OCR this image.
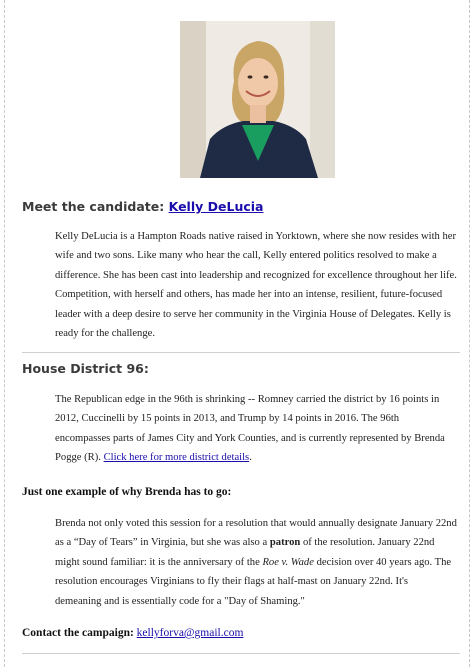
Meet the candidate: Kelly DeLucia
Kelly DeLucia is a Hampton Roads native raised in Yorktown, where she now resides with her wife and two sons. Like many who hear the call, Kelly entered politics resolved to make a difference. She has been cast into leadership and recognized for excellence throughout her life. Competition, with herself and others, has made her into an intense, resilient, future-focused leader with a deep desire to serve her community in the Virginia House of Delegates. Kelly is ready for the challenge.
House District 96:
The Republican edge in the 96th is shrinking -- Romney carried the district by 16 points in 2012, Cuccinelli by 15 points in 2013, and Trump by 14 points in 2016. The 96th encompasses parts of James City and York Counties, and is currently represented by Brenda Pogge (R). Click here for more district details.
Just one example of why Brenda has to go:
Brenda not only voted this session for a resolution that would annually designate January 22nd as a “Day of Tears” in Virginia, but she was also a patron of the resolution. January 22nd might sound familiar: it is the anniversary of the Roe v. Wade decision over 40 years ago. The resolution encourages Virginians to fly their flags at half-mast on January 22nd. It's demeaning and is essentially code for a "Day of Shaming."
Contact the campaign: kellyforva@gmail.com
